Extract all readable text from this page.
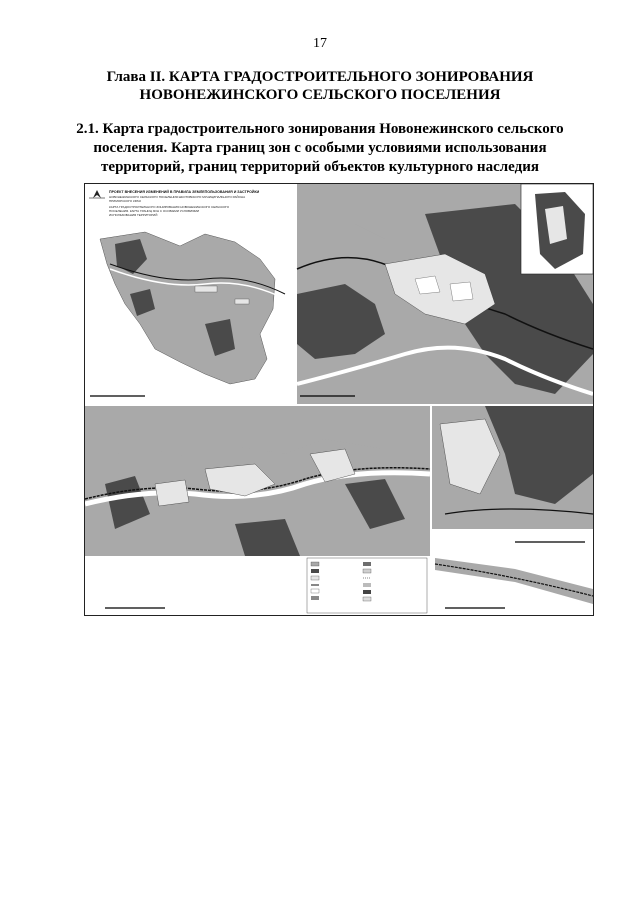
17
Глава II. КАРТА ГРАДОСТРОИТЕЛЬНОГО ЗОНИРОВАНИЯ НОВОНЕЖИНСКОГО СЕЛЬСКОГО ПОСЕЛЕНИЯ
2.1. Карта градостроительного зонирования Новонежинского сельского поселения. Карта границ зон с особыми условиями использования территорий, границ территорий объектов культурного наследия
ПРОЕКТ ВНЕСЕНИЯ ИЗМЕНЕНИЙ В ПРАВИЛА ЗЕМЛЕПОЛЬЗОВАНИЯ И ЗАСТРОЙКИ
НОВОНЕЖИНСКОГО СЕЛЬСКОГО ПОСЕЛЕНИЯ ШКОТОВСКОГО МУНИЦИПАЛЬНОГО РАЙОНА
ПРИМОРСКОГО КРАЯ
КАРТА ГРАДОСТРОИТЕЛЬНОГО ЗОНИРОВАНИЯ НОВОНЕЖИНСКОГО СЕЛЬСКОГО
ПОСЕЛЕНИЯ. КАРТА ГРАНИЦ ЗОН С ОСОБЫМИ УСЛОВИЯМИ
ИСПОЛЬЗОВАНИЯ ТЕРРИТОРИЙ
